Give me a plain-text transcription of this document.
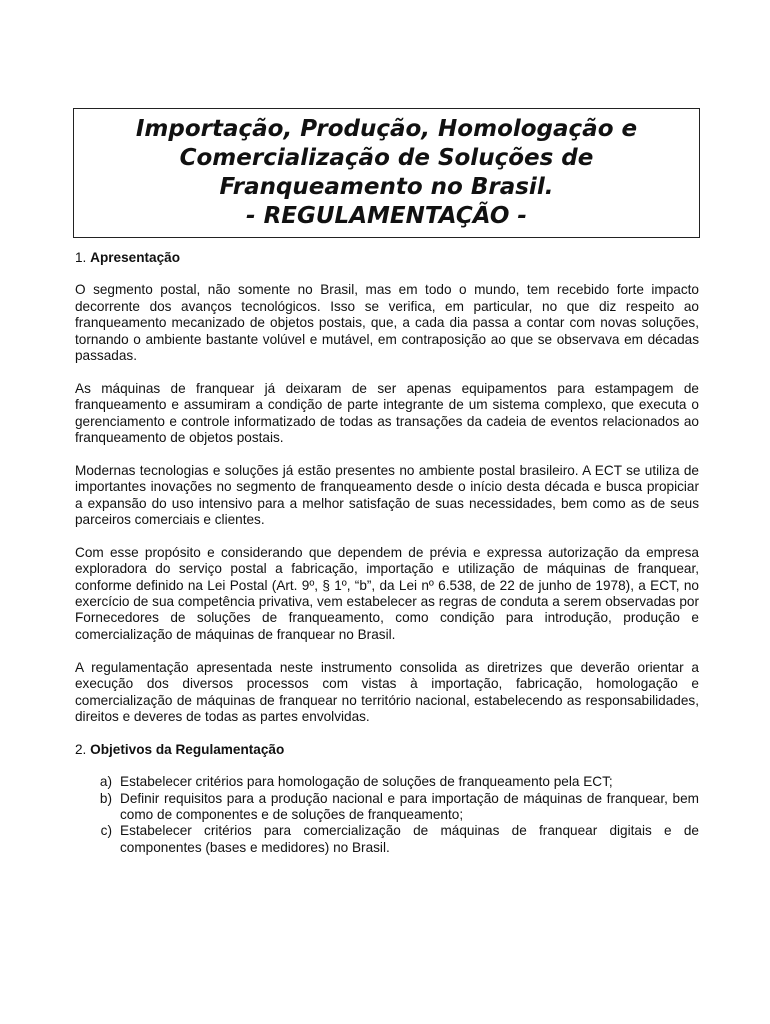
Importação, Produção, Homologação e
Comercialização de Soluções de
Franqueamento no Brasil.
- REGULAMENTAÇÃO -
1. Apresentação

O segmento postal, não somente no Brasil, mas em todo o mundo, tem recebido forte impacto decorrente dos avanços tecnológicos. Isso se verifica, em particular, no que diz respeito ao franqueamento mecanizado de objetos postais, que, a cada dia passa a contar com novas soluções, tornando o ambiente bastante volúvel e mutável, em contraposição ao que se observava em décadas passadas.

As máquinas de franquear já deixaram de ser apenas equipamentos para estampagem de franqueamento e assumiram a condição de parte integrante de um sistema complexo, que executa o gerenciamento e controle informatizado de todas as transações da cadeia de eventos relacionados ao franqueamento de objetos postais.

Modernas tecnologias e soluções já estão presentes no ambiente postal brasileiro. A ECT se utiliza de importantes inovações no segmento de franqueamento desde o início desta década e busca propiciar a expansão do uso intensivo para a melhor satisfação de suas necessidades, bem como as de seus parceiros comerciais e clientes.

Com esse propósito e considerando que dependem de prévia e expressa autorização da empresa exploradora do serviço postal a fabricação, importação e utilização de máquinas de franquear, conforme definido na Lei Postal (Art. 9º, § 1º, “b”, da Lei nº 6.538, de 22 de junho de 1978), a ECT, no exercício de sua competência privativa, vem estabelecer as regras de conduta a serem observadas por Fornecedores de soluções de franqueamento, como condição para introdução, produção e comercialização de máquinas de franquear no Brasil.

A regulamentação apresentada neste instrumento consolida as diretrizes que deverão orientar a execução dos diversos processos com vistas à importação, fabricação, homologação e comercialização de máquinas de franquear no território nacional, estabelecendo as responsabilidades, direitos e deveres de todas as partes envolvidas.

2. Objetivos da Regulamentação
a) Estabelecer critérios para homologação de soluções de franqueamento pela ECT;
b) Definir requisitos para a produção nacional e para importação de máquinas de franquear, bem como de componentes e de soluções de franqueamento;
c) Estabelecer critérios para comercialização de máquinas de franquear digitais e de componentes (bases e medidores) no Brasil.
